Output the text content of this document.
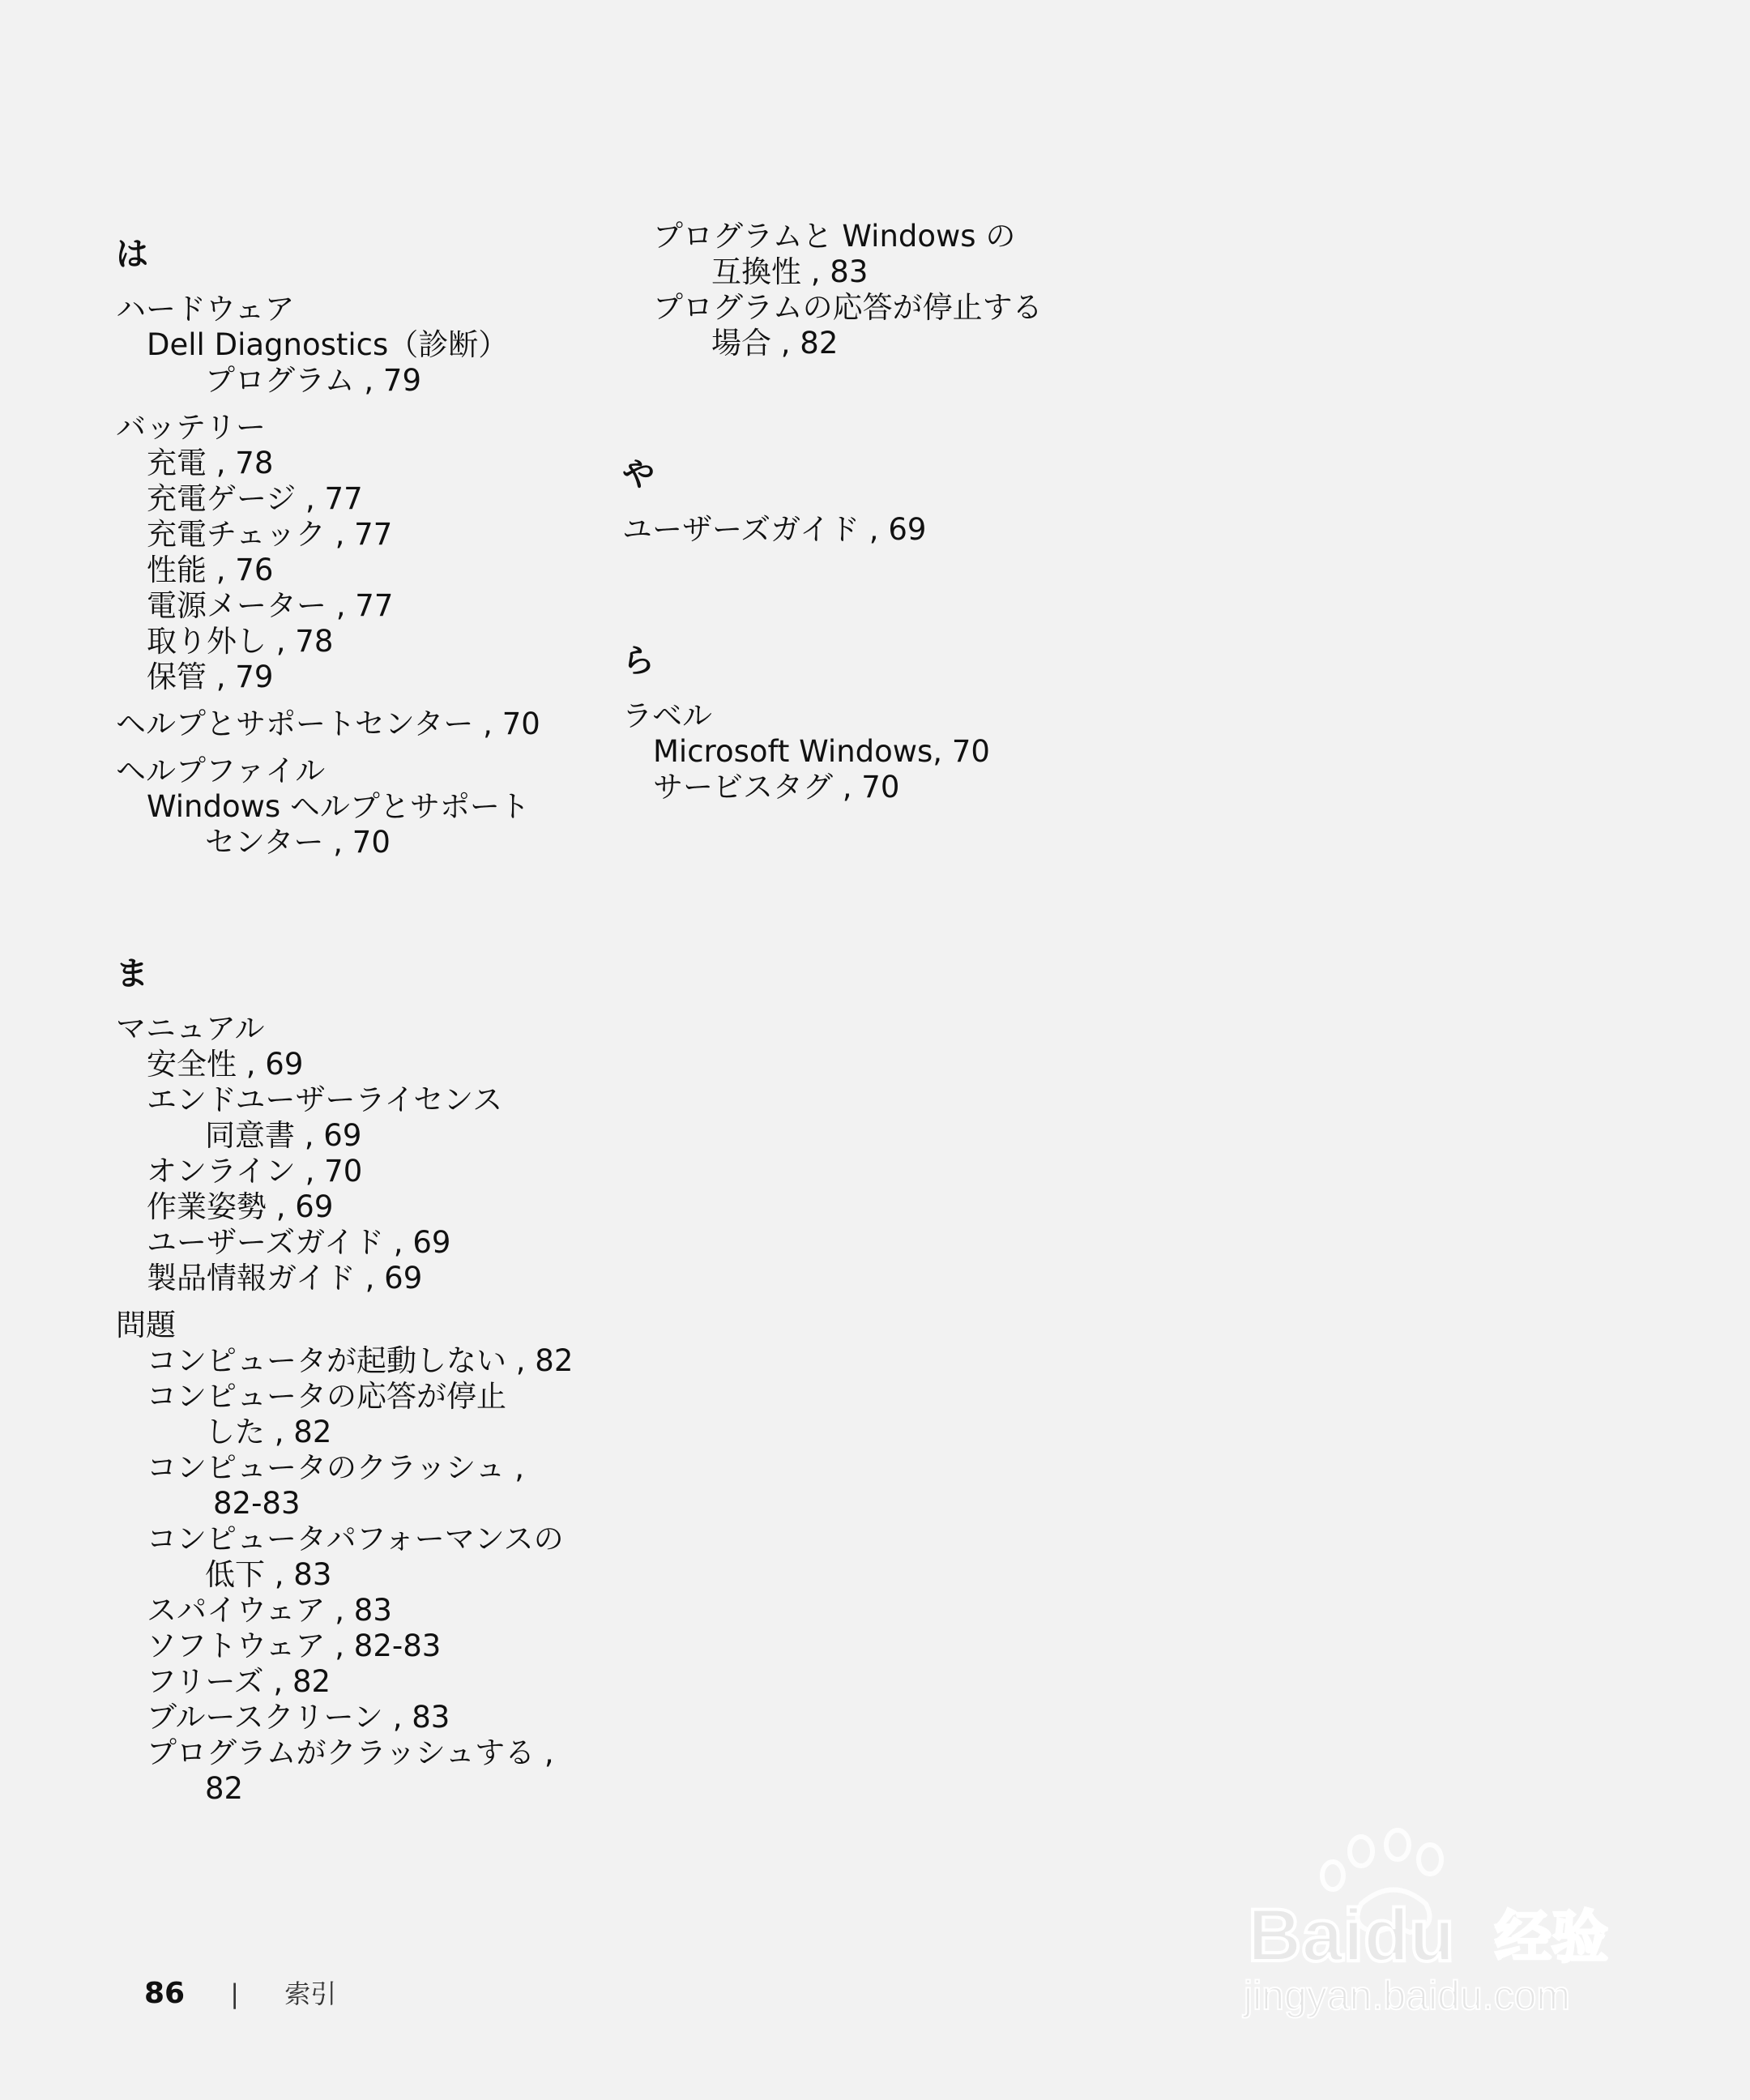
は
ハードウェア
Dell Diagnostics（診断）
プログラム , 79
バッテリー
充電 , 78
充電ゲージ , 77
充電チェック , 77
性能 , 76
電源メーター , 77
取り外し , 78
保管 , 79
ヘルプとサポートセンター , 70
ヘルプファイル
Windows ヘルプとサポート
センター , 70
ま
マニュアル
安全性 , 69
エンドユーザーライセンス
同意書 , 69
オンライン , 70
作業姿勢 , 69
ユーザーズガイド , 69
製品情報ガイド , 69
問題
コンピュータが起動しない , 82
コンピュータの応答が停止
した , 82
コンピュータのクラッシュ ,
82-83
コンピュータパフォーマンスの
低下 , 83
スパイウェア , 83
ソフトウェア , 82-83
フリーズ , 82
ブルースクリーン , 83
プログラムがクラッシュする ,
82
プログラムと Windows の
互換性 , 83
プログラムの応答が停止する
場合 , 82
や
ユーザーズガイド , 69
ら
ラベル
Microsoft Windows, 70
サービスタグ , 70
86 | 索引
Baidu 经验
jingyan.baidu.com
